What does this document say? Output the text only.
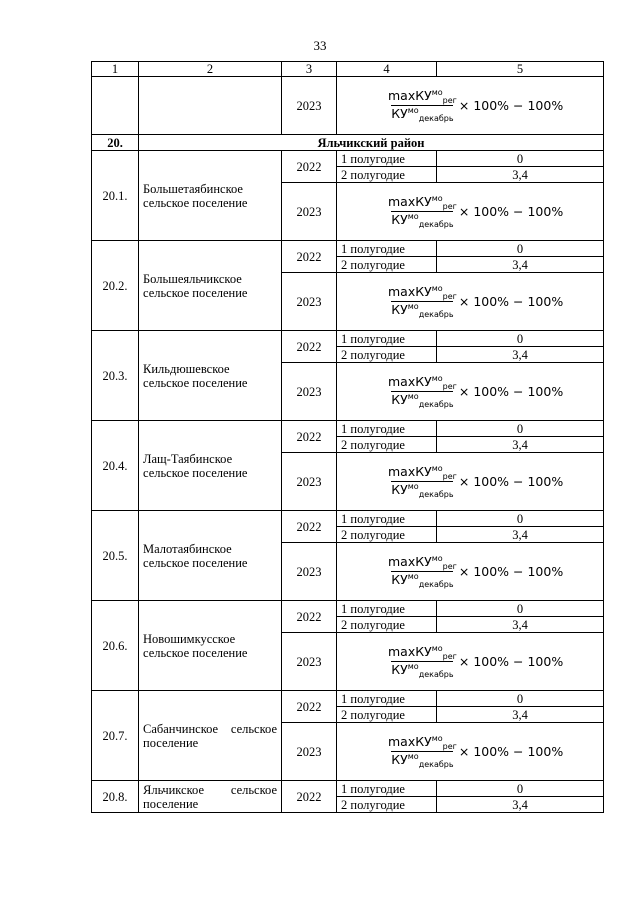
33
1	2	3	4	5
		2023	$\frac{\max КУ^{мо}_{рег}}{КУ^{мо}_{декабрь}} \times 100\% - 100\%$	

20.	Яльчикский район			
20.1.	Большетаябинское сельское поселение	2022	1 полугодие	0
			2 полугодие	3,4
		2023	$\frac{\max КУ^{мо}_{рег}}{КУ^{мо}_{декабрь}} \times 100\% - 100\%$	

20.2.	Большеяльчикское сельское поселение	2022	1 полугодие	0
			2 полугодие	3,4
		2023	$\frac{\max КУ^{мо}_{рег}}{КУ^{мо}_{декабрь}} \times 100\% - 100\%$	

20.3.	Кильдюшевское сельское поселение	2022	1 полугодие	0
			2 полугодие	3,4
		2023	$\frac{\max КУ^{мо}_{рег}}{КУ^{мо}_{декабрь}} \times 100\% - 100\%$	

20.4.	Лащ-Таябинское сельское поселение	2022	1 полугодие	0
			2 полугодие	3,4
		2023	$\frac{\max КУ^{мо}_{рег}}{КУ^{мо}_{декабрь}} \times 100\% - 100\%$	

20.5.	Малотаябинское сельское поселение	2022	1 полугодие	0
			2 полугодие	3,4
		2023	$\frac{\max КУ^{мо}_{рег}}{КУ^{мо}_{декабрь}} \times 100\% - 100\%$	

20.6.	Новошимкусское сельское поселение	2022	1 полугодие	0
			2 полугодие	3,4
		2023	$\frac{\max КУ^{мо}_{рег}}{КУ^{мо}_{декабрь}} \times 100\% - 100\%$	

20.7.	Сабанчинское сельское поселение	2022	1 полугодие	0
			2 полугодие	3,4
		2023	$\frac{\max КУ^{мо}_{рег}}{КУ^{мо}_{декабрь}} \times 100\% - 100\%$	

20.8.	Яльчикское сельское поселение	2022	1 полугодие	0
			2 полугодие	3,4
